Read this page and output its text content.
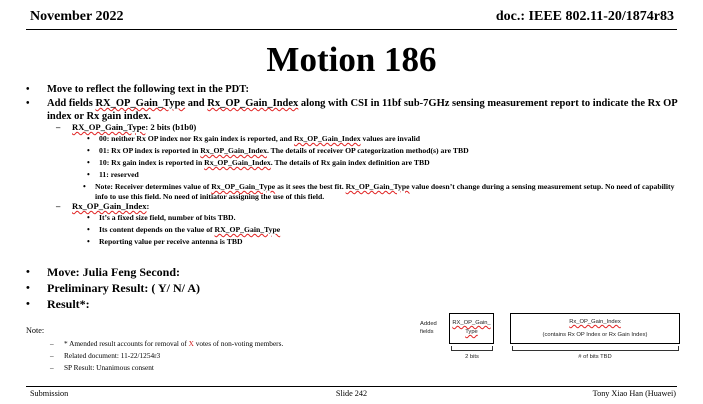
November 2022	doc.: IEEE 802.11-20/1874r83
Motion 186
• Move to reflect the following text in the PDT:
• Add fields RX_OP_Gain_Type and Rx_OP_Gain_Index along with CSI in 11bf sub-7GHz sensing measurement report to indicate the Rx OP index or Rx gain index.
– RX_OP_Gain_Type: 2 bits (b1b0)
• 00: neither Rx OP index nor Rx gain index is reported, and Rx_OP_Gain_Index values are invalid
• 01: Rx OP index is reported in Rx_OP_Gain_Index. The details of receiver OP categorization method(s) are TBD
• 10: Rx gain index is reported in Rx_OP_Gain_Index. The details of Rx gain index definition are TBD
• 11: reserved
• Note: Receiver determines value of Rx_OP_Gain_Type as it sees the best fit. Rx_OP_Gain_Type value doesn’t change during a sensing measurement setup. No need of capability info to use this field. No need of initiator assigning the use of this field.
– Rx_OP_Gain_Index:
• It’s a fixed size field, number of bits TBD.
• Its content depends on the value of RX_OP_Gain_Type
• Reporting value per receive antenna is TBD
• Move: Julia Feng Second:
• Preliminary Result: ( Y/ N/ A)
• Result*:
Note:
– * Amended result accounts for removal of X votes of non-voting members.
– Related document: 11-22/1254r3
– SP Result: Unanimous consent
Added
fields
RX_OP_Gain_
Type
Rx_OP_Gain_Index
(contains Rx OP Index or Rx Gain Index)
2 bits	# of bits TBD
Submission	Slide 242	Tony Xiao Han (Huawei)
